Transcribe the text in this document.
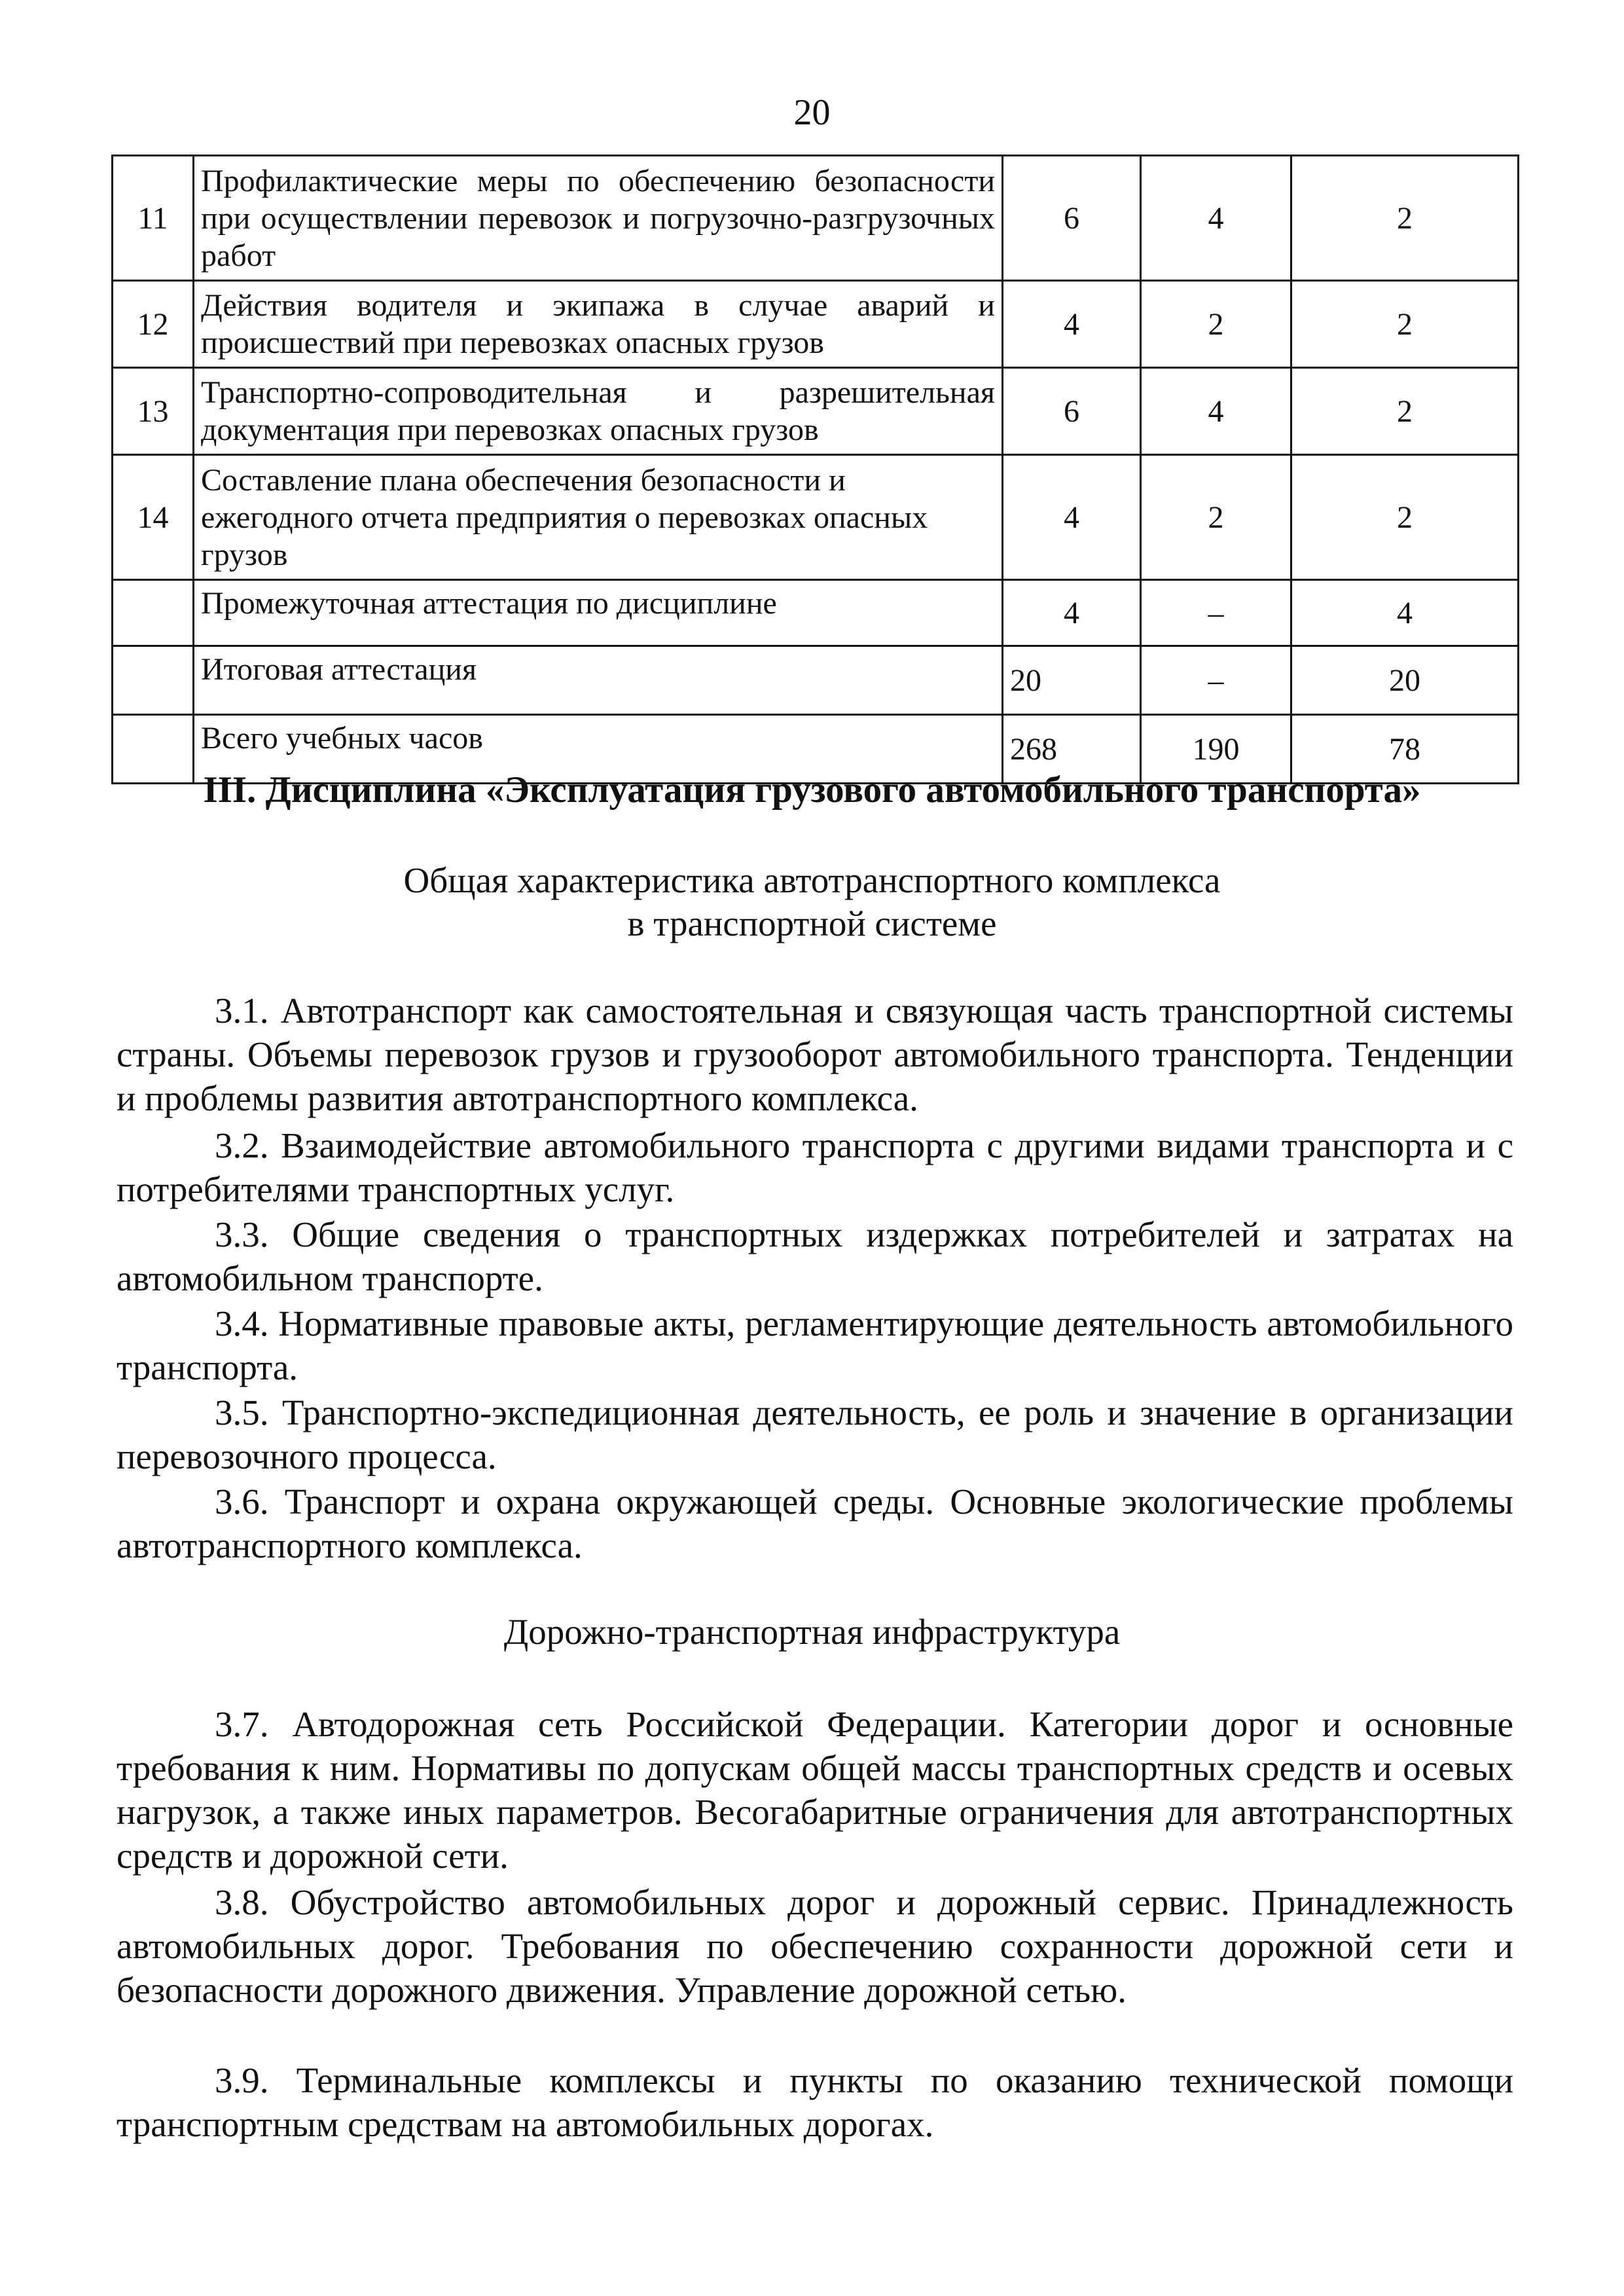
20
11	Профилактические меры по обеспечению безопасности при осуществлении перевозок и погрузочно-разгрузочных работ	6	4	2
12	Действия водителя и экипажа в случае аварий и происшествий при перевозках опасных грузов	4	2	2
13	Транспортно-сопроводительная и разрешительная документация при перевозках опасных грузов	6	4	2
14	Составление плана обеспечения безопасности и ежегодного отчета предприятия о перевозках опасных грузов	4	2	2
	Промежуточная аттестация по дисциплине	4	–	4
	Итоговая аттестация	20	–	20
	Всего учебных часов	268	190	78
III. Дисциплина «Эксплуатация грузового автомобильного транспорта»
Общая характеристика автотранспортного комплекса
в транспортной системе

3.1. Автотранспорт как самостоятельная и связующая часть транспортной системы страны. Объемы перевозок грузов и грузооборот автомобильного транспорта. Тенденции и проблемы развития автотранспортного комплекса.

3.2. Взаимодействие автомобильного транспорта с другими видами транспорта и с потребителями транспортных услуг.

3.3. Общие сведения о транспортных издержках потребителей и затратах на автомобильном транспорте.

3.4. Нормативные правовые акты, регламентирующие деятельность автомобильного транспорта.

3.5. Транспортно-экспедиционная деятельность, ее роль и значение в организации перевозочного процесса.

3.6. Транспорт и охрана окружающей среды. Основные экологические проблемы автотранспортного комплекса.

Дорожно-транспортная инфраструктура

3.7. Автодорожная сеть Российской Федерации. Категории дорог и основные требования к ним. Нормативы по допускам общей массы транспортных средств и осевых нагрузок, а также иных параметров. Весогабаритные ограничения для автотранспортных средств и дорожной сети.

3.8. Обустройство автомобильных дорог и дорожный сервис. Принадлежность автомобильных дорог. Требования по обеспечению сохранности дорожной сети и безопасности дорожного движения. Управление дорожной сетью.

3.9. Терминальные комплексы и пункты по оказанию технической помощи транспортным средствам на автомобильных дорогах.
